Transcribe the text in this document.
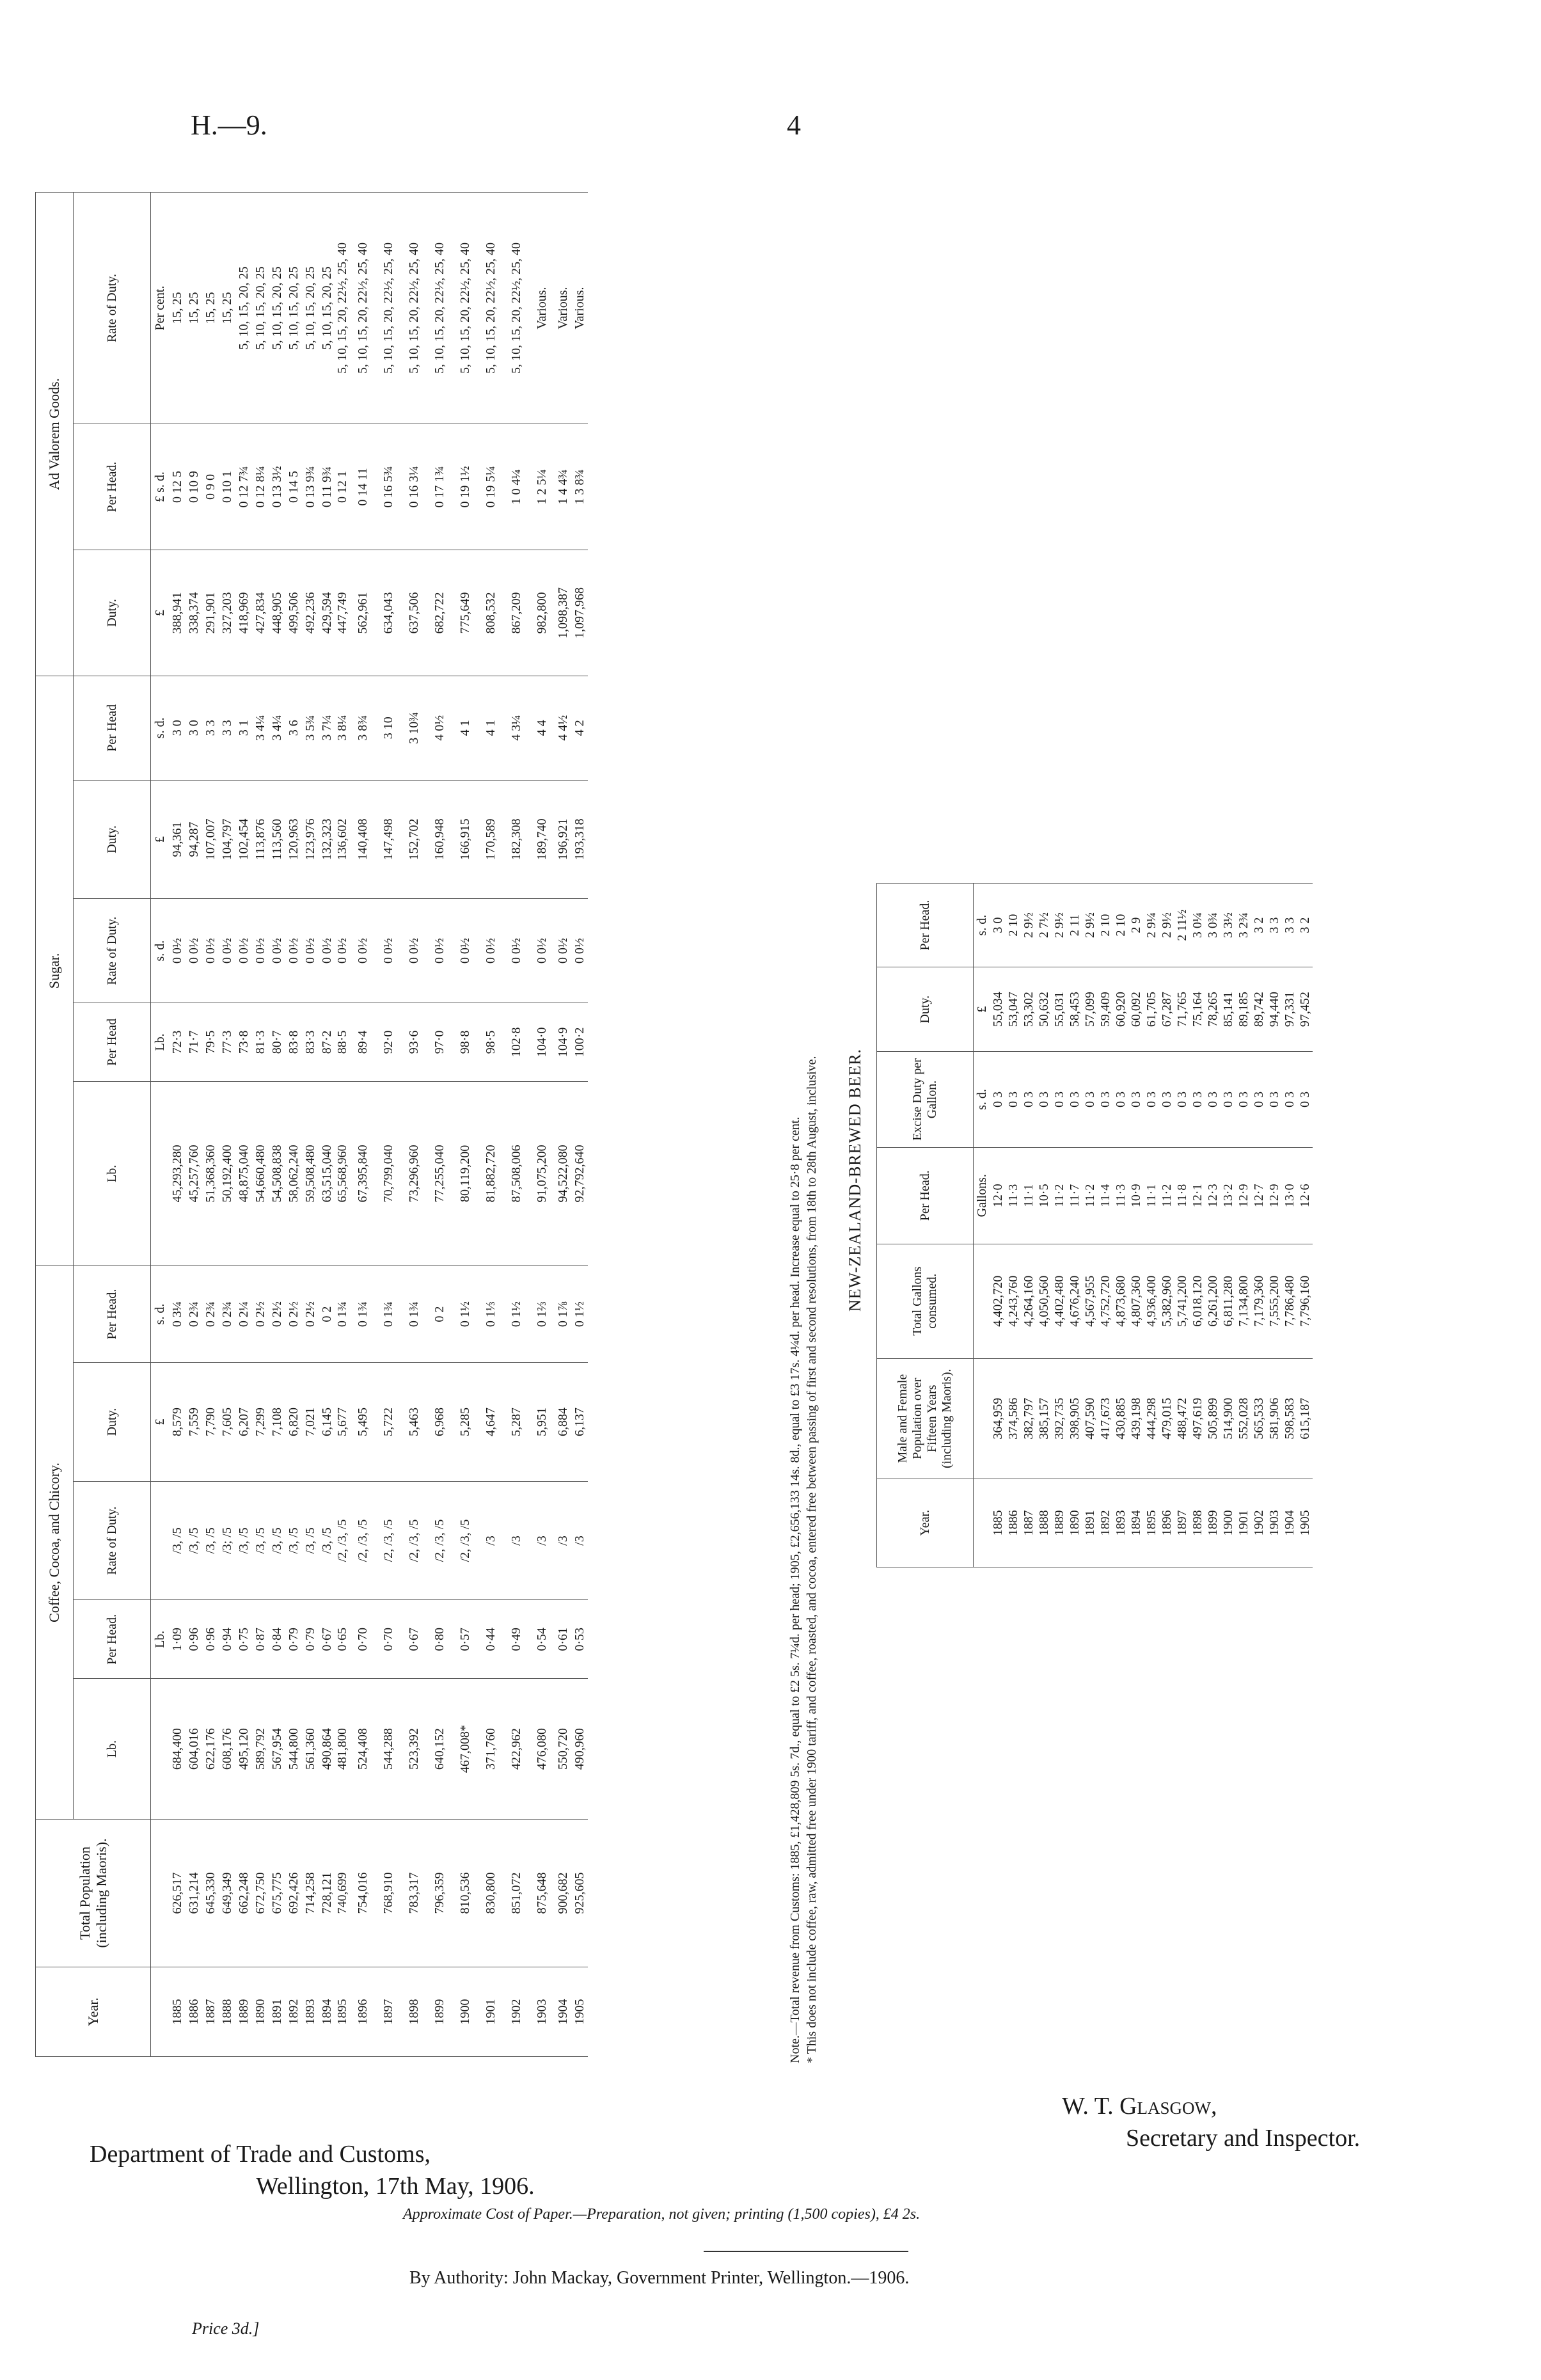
H.—9.	4
Year.	Total Population (including Maoris).	Coffee, Cocoa, and Chicory.					Sugar.					Ad Valorem Goods.		
		Lb.	Per Head.	Rate of Duty.	Duty.	Per Head.	Lb.	Per Head	Rate of Duty.	Duty.	Per Head	Duty.	Per Head.	Rate of Duty.
			Lb.		£	s. d.		Lb.	s. d.	£	s. d.	£	£ s. d.	Per cent.
1885	626,517	684,400	1·09	/3, /5	8,579	0 3¼	45,293,280	72·3	0 0½	94,361	3 0	388,941	0 12 5	15, 25
1886	631,214	604,016	0·96	/3, /5	7,559	0 2¾	45,257,760	71·7	0 0½	94,287	3 0	338,374	0 10 9	15, 25
1887	645,330	622,176	0·96	/3, /5	7,790	0 2¾	51,368,360	79·5	0 0½	107,007	3 3	291,901	0 9 0	15, 25
1888	649,349	608,176	0·94	/3; /5	7,605	0 2¾	50,192,400	77·3	0 0½	104,797	3 3	327,203	0 10 1	15, 25
1889	662,248	495,120	0·75	/3, /5	6,207	0 2¼	48,875,040	73·8	0 0½	102,454	3 1	418,969	0 12 7¾	5, 10, 15, 20, 25
1890	672,750	589,792	0·87	/3, /5	7,299	0 2½	54,660,480	81·3	0 0½	113,876	3 4¼	427,834	0 12 8¼	5, 10, 15, 20, 25
1891	675,775	567,954	0·84	/3, /5	7,108	0 2½	54,508,838	80·7	0 0½	113,560	3 4¼	448,905	0 13 3½	5, 10, 15, 20, 25
1892	692,426	544,800	0·79	/3, /5	6,820	0 2½	58,062,240	83·8	0 0½	120,963	3 6	499,506	0 14 5	5, 10, 15, 20, 25
1893	714,258	561,360	0·79	/3, /5	7,021	0 2½	59,508,480	83·3	0 0½	123,976	3 5¾	492,236	0 13 9¾	5, 10, 15, 20, 25
1894	728,121	490,864	0·67	/3, /5	6,145	0 2	63,515,040	87·2	0 0½	132,323	3 7¼	429,594	0 11 9¾	5, 10, 15, 20, 25
1895	740,699	481,800	0·65	/2, /3, /5	5,677	0 1¾	65,568,960	88·5	0 0½	136,602	3 8¼	447,749	0 12 1	5, 10, 15, 20, 22½, 25, 40
1896	754,016	524,408	0·70	/2, /3, /5	5,495	0 1¾	67,395,840	89·4	0 0½	140,408	3 8¾	562,961	0 14 11	5, 10, 15, 20, 22½, 25, 40
1897	768,910	544,288	0·70	/2, /3, /5	5,722	0 1¾	70,799,040	92·0	0 0½	147,498	3 10	634,043	0 16 5¾	5, 10, 15, 20, 22½, 25, 40
1898	783,317	523,392	0·67	/2, /3, /5	5,463	0 1¾	73,296,960	93·6	0 0½	152,702	3 10¾	637,506	0 16 3¼	5, 10, 15, 20, 22½, 25, 40
1899	796,359	640,152	0·80	/2, /3, /5	6,968	0 2	77,255,040	97·0	0 0½	160,948	4 0½	682,722	0 17 1¾	5, 10, 15, 20, 22½, 25, 40
1900	810,536	467,008*	0·57	/2, /3, /5	5,285	0 1½	80,119,200	98·8	0 0½	166,915	4 1	775,649	0 19 1½	5, 10, 15, 20, 22½, 25, 40
1901	830,800	371,760	0·44	/3	4,647	0 1⅓	81,882,720	98·5	0 0½	170,589	4 1	808,532	0 19 5¼	5, 10, 15, 20, 22½, 25, 40
1902	851,072	422,962	0·49	/3	5,287	0 1½	87,508,006	102·8	0 0½	182,308	4 3¼	867,209	1 0 4¼	5, 10, 15, 20, 22½, 25, 40
1903	875,648	476,080	0·54	/3	5,951	0 1⅔	91,075,200	104·0	0 0½	189,740	4 4	982,800	1 2 5¼	Various.
1904	900,682	550,720	0·61	/3	6,884	0 1⅞	94,522,080	104·9	0 0½	196,921	4 4½	1,098,387	1 4 4¾	Various.
1905	925,605	490,960	0·53	/3	6,137	0 1½	92,792,640	100·2	0 0½	193,318	4 2	1,097,968	1 3 8¾	Various.
Note.—Total revenue from Customs: 1885, £1,428,809 5s. 7d., equal to £2 5s. 7¼d. per head; 1905, £2,656,133 14s. 8d., equal to £3 17s. 4¼d. per head. Increase equal to 25·8 per cent. * This does not include coffee, raw, admitted free under 1900 tariff, and coffee, roasted, and cocoa, entered free between passing of first and second resolutions, from 18th to 28th August, inclusive. NEW-ZEALAND-BREWED BEER.
Year.	Male and Female Population over Fifteen Years (including Maoris).	Total Gallons consumed.	Per Head.	Excise Duty per Gallon.	Duty.	Per Head.
			Gallons.	s. d.	£	s. d.
1885	364,959	4,402,720	12·0	0 3	55,034	3 0
1886	374,586	4,243,760	11·3	0 3	53,047	2 10
1887	382,797	4,264,160	11·1	0 3	53,302	2 9½
1888	385,157	4,050,560	10·5	0 3	50,632	2 7½
1889	392,735	4,402,480	11·2	0 3	55,031	2 9½
1890	398,905	4,676,240	11·7	0 3	58,453	2 11
1891	407,590	4,567,955	11·2	0 3	57,099	2 9½
1892	417,673	4,752,720	11·4	0 3	59,409	2 10
1893	430,885	4,873,680	11·3	0 3	60,920	2 10
1894	439,198	4,807,360	10·9	0 3	60,092	2 9
1895	444,298	4,936,400	11·1	0 3	61,705	2 9¼
1896	479,015	5,382,960	11·2	0 3	67,287	2 9½
1897	488,472	5,741,200	11·8	0 3	71,765	2 11½
1898	497,619	6,018,120	12·1	0 3	75,164	3 0¼
1899	505,899	6,261,200	12·3	0 3	78,265	3 0¾
1900	514,900	6,811,280	13·2	0 3	85,141	3 3½
1901	552,028	7,134,800	12·9	0 3	89,185	3 2¾
1902	565,533	7,179,360	12·7	0 3	89,742	3 2
1903	581,906	7,555,200	12·9	0 3	94,440	3 3
1904	598,583	7,786,480	13·0	0 3	97,331	3 3
1905	615,187	7,796,160	12·6	0 3	97,452	3 2
Department of Trade and Customs,
Wellington, 17th May, 1906.
W. T. Glasgow,
Secretary and Inspector.
Approximate Cost of Paper.—Preparation, not given; printing (1,500 copies), £4 2s.
By Authority: John Mackay, Government Printer, Wellington.—1906.
Price 3d.]
